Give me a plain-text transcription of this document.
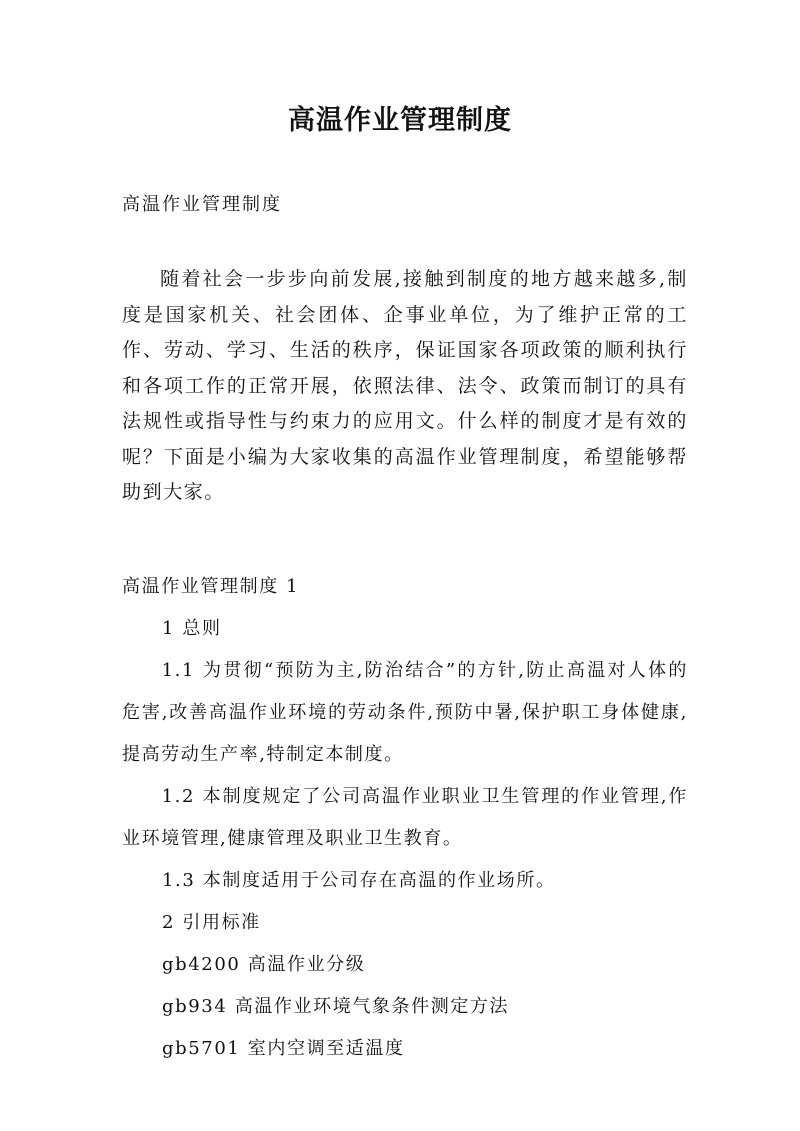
高温作业管理制度

高温作业管理制度

随着社会一步步向前发展,接触到制度的地方越来越多,制度是国家机关、社会团体、企事业单位，为了维护正常的工作、劳动、学习、生活的秩序，保证国家各项政策的顺利执行和各项工作的正常开展，依照法律、法令、政策而制订的具有法规性或指导性与约束力的应用文。什么样的制度才是有效的呢？下面是小编为大家收集的高温作业管理制度，希望能够帮助到大家。

高温作业管理制度 1

1 总则

1.1 为贯彻“预防为主,防治结合”的方针,防止高温对人体的危害,改善高温作业环境的劳动条件,预防中暑,保护职工身体健康,提高劳动生产率,特制定本制度。

1.2 本制度规定了公司高温作业职业卫生管理的作业管理,作业环境管理,健康管理及职业卫生教育。

1.3 本制度适用于公司存在高温的作业场所。

2 引用标准

gb4200 高温作业分级

gb934 高温作业环境气象条件测定方法

gb5701 室内空调至适温度
